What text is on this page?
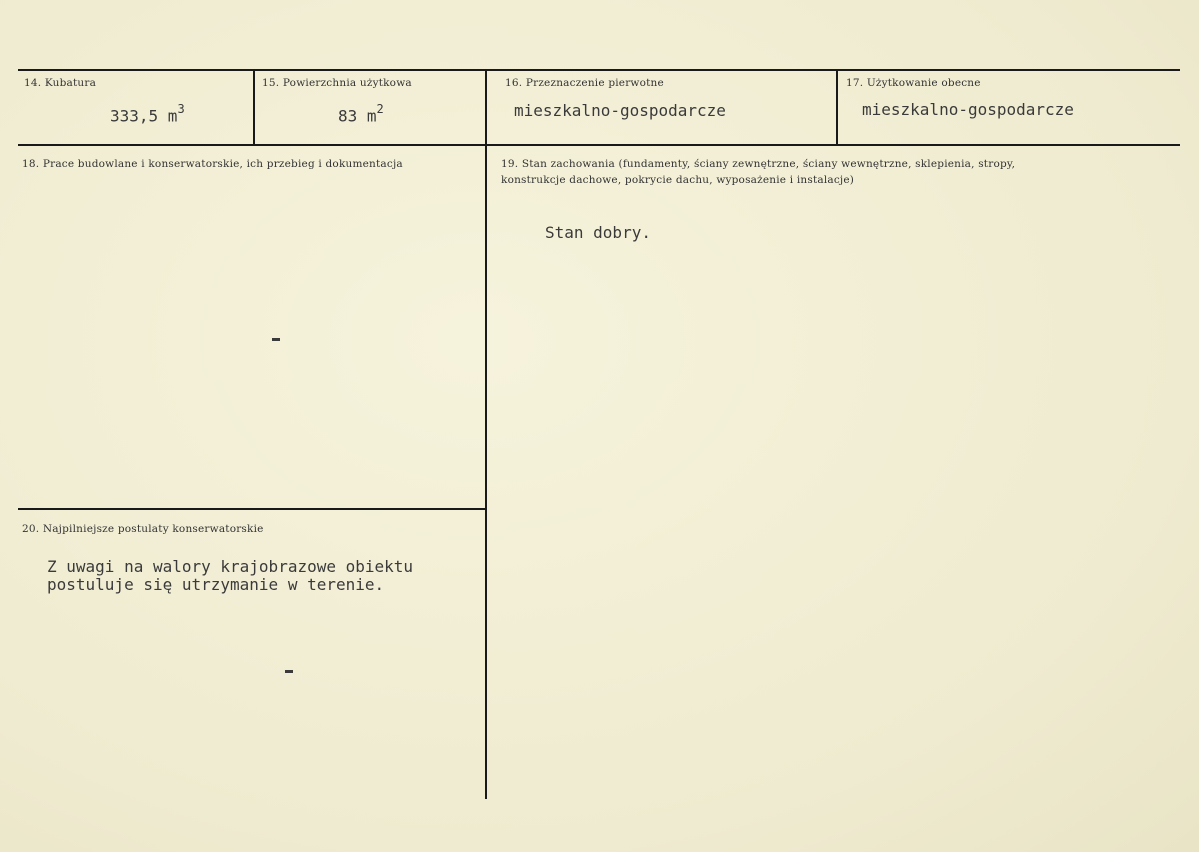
14. Kubatura
333,5 $m^3$
15. Powierzchnia użytkowa
83 $m^2$
16. Przeznaczenie pierwotne
mieszkalno-gospodarcze
17. Użytkowanie obecne
mieszkalno-gospodarcze
18. Prace budowlane i konserwatorskie, ich przebieg i dokumentacja	19. Stan zachowania (fundamenty, ściany zewnętrzne, ściany wewnętrzne, sklepienia, stropy,
konstrukcje dachowe, pokrycie dachu, wyposażenie i instalacje)
Stan dobry.
20. Najpilniejsze postulaty konserwatorskie
Z uwagi na walory krajobrazowe obiektu
postuluje się utrzymanie w terenie.
